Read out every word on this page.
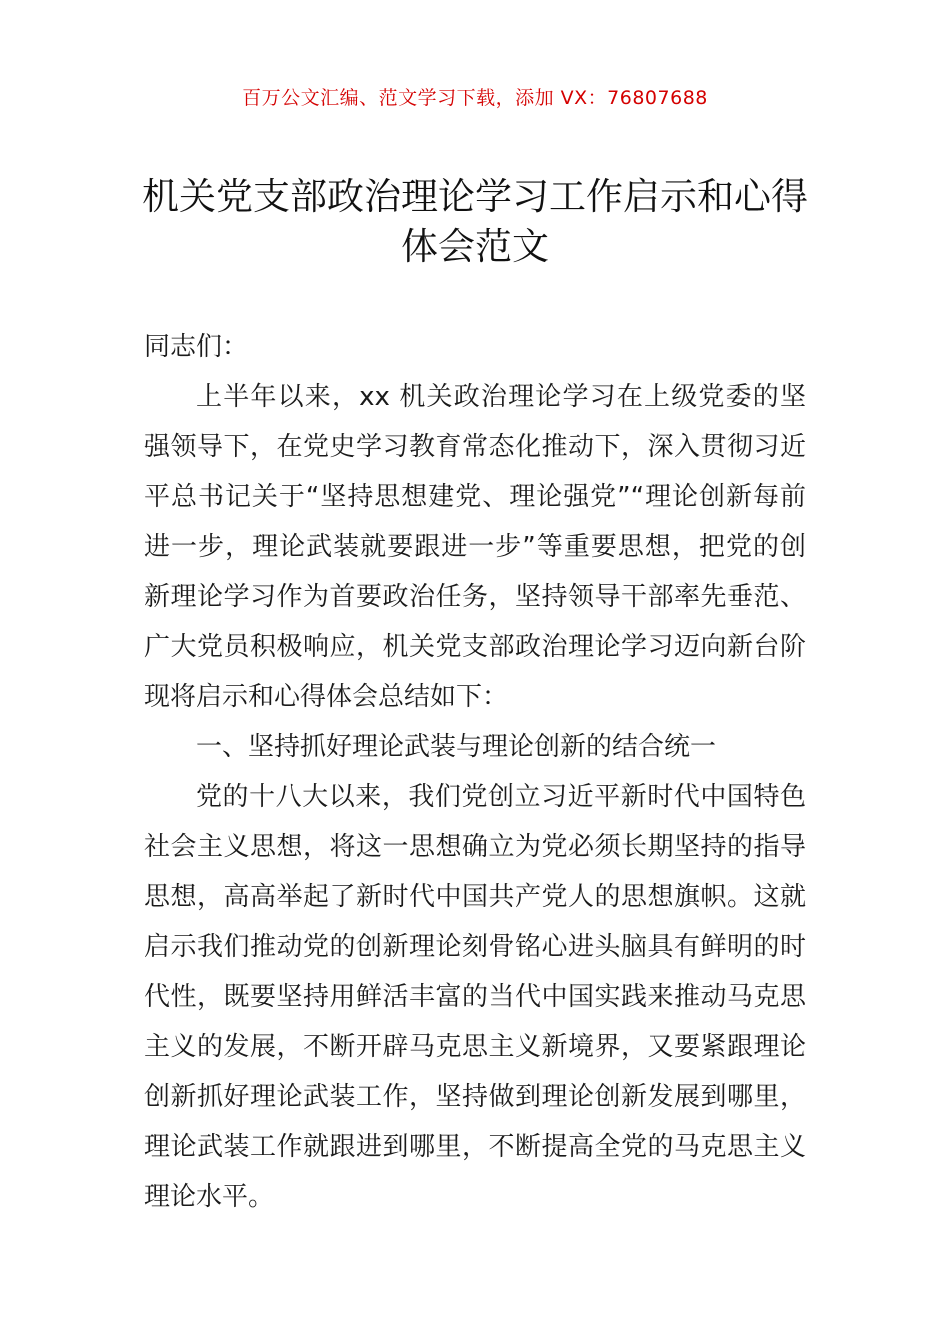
百万公文汇编、范文学习下载，添加 VX：76807688
机关党支部政治理论学习工作启示和心得体会范文

同志们：

上半年以来，xx 机关政治理论学习在上级党委的坚强领导下，在党史学习教育常态化推动下，深入贯彻习近平总书记关于“坚持思想建党、理论强党”“理论创新每前进一步，理论武装就要跟进一步”等重要思想，把党的创新理论学习作为首要政治任务，坚持领导干部率先垂范、广大党员积极响应，机关党支部政治理论学习迈向新台阶现将启示和心得体会总结如下：

一、坚持抓好理论武装与理论创新的结合统一

党的十八大以来，我们党创立习近平新时代中国特色社会主义思想，将这一思想确立为党必须长期坚持的指导思想，高高举起了新时代中国共产党人的思想旗帜。这就启示我们推动党的创新理论刻骨铭心进头脑具有鲜明的时代性，既要坚持用鲜活丰富的当代中国实践来推动马克思主义的发展，不断开辟马克思主义新境界，又要紧跟理论创新抓好理论武装工作，坚持做到理论创新发展到哪里，理论武装工作就跟进到哪里，不断提高全党的马克思主义理论水平。
